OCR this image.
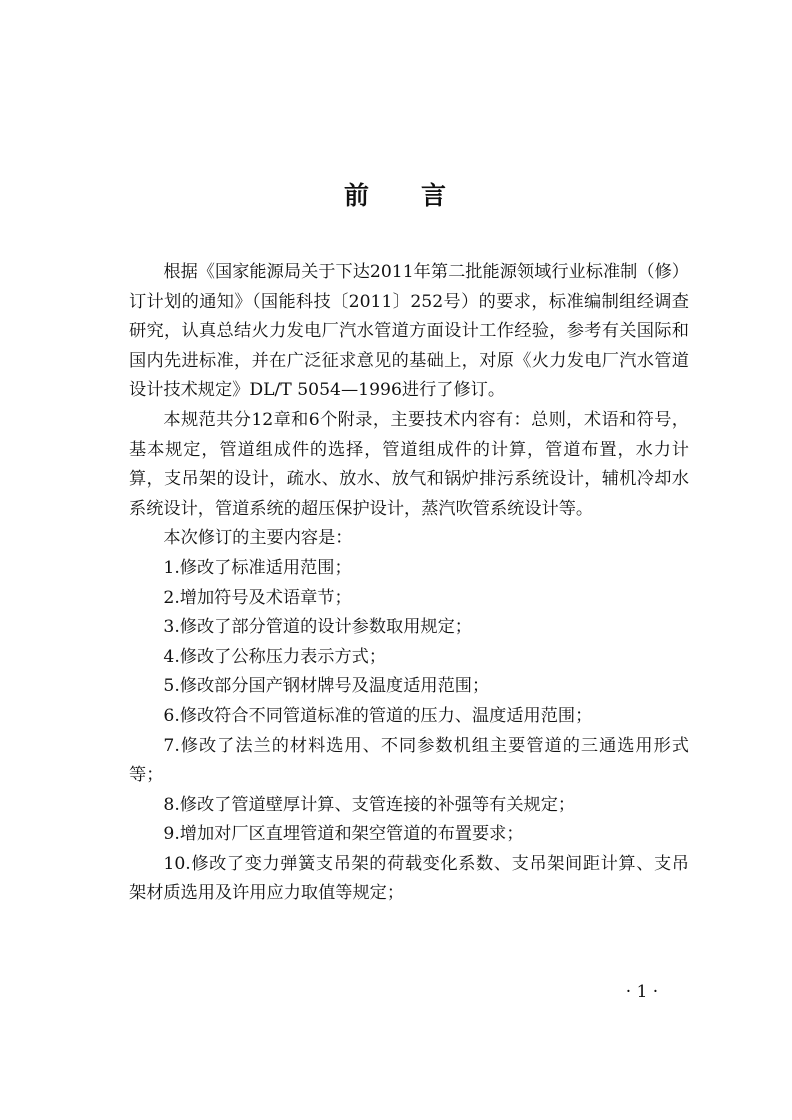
前 言

根据《国家能源局关于下达2011年第二批能源领域行业标准制（修）订计划的通知》（国能科技〔2011〕252号）的要求，标准编制组经调查研究，认真总结火力发电厂汽水管道方面设计工作经验，参考有关国际和国内先进标准，并在广泛征求意见的基础上，对原《火力发电厂汽水管道设计技术规定》DL/T 5054—1996进行了修订。

本规范共分12章和6个附录，主要技术内容有：总则，术语和符号，基本规定，管道组成件的选择，管道组成件的计算，管道布置，水力计算，支吊架的设计，疏水、放水、放气和锅炉排污系统设计，辅机冷却水系统设计，管道系统的超压保护设计，蒸汽吹管系统设计等。

本次修订的主要内容是：

1.修改了标准适用范围；

2.增加符号及术语章节；

3.修改了部分管道的设计参数取用规定；

4.修改了公称压力表示方式；

5.修改部分国产钢材牌号及温度适用范围；

6.修改符合不同管道标准的管道的压力、温度适用范围；

7.修改了法兰的材料选用、不同参数机组主要管道的三通选用形式等；

8.修改了管道壁厚计算、支管连接的补强等有关规定；

9.增加对厂区直埋管道和架空管道的布置要求；

10.修改了变力弹簧支吊架的荷载变化系数、支吊架间距计算、支吊架材质选用及许用应力取值等规定；

· 1 ·
